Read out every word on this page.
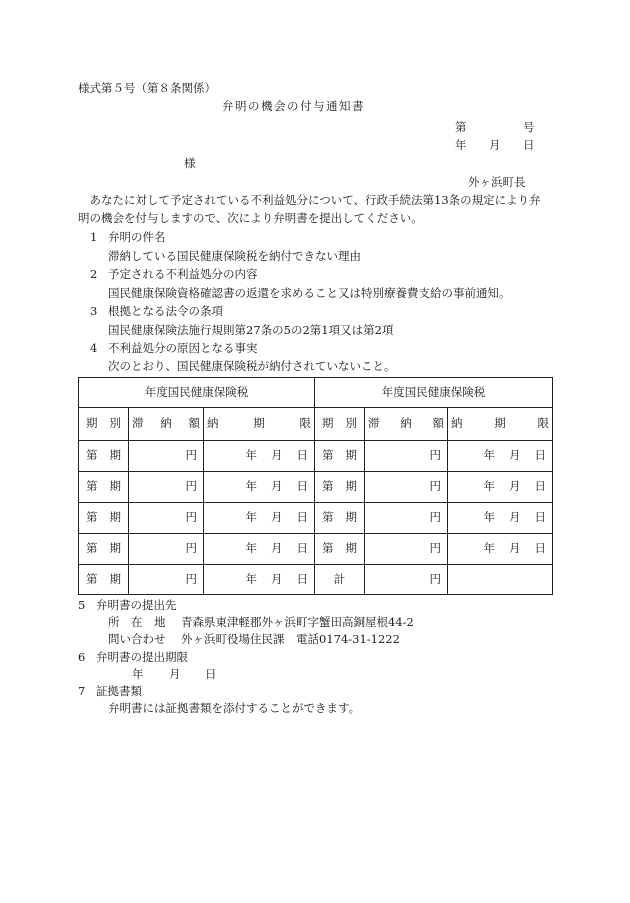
様式第５号（第８条関係）
弁明の機会の付与通知書
第	号
年 月 日
様
外ヶ浜町長
　あなたに対して予定されている不利益処分について、行政手続法第13条の規定により弁
明の機会を付与しますので、次により弁明書を提出してください。
1 弁明の件名
滞納している国民健康保険税を納付できない理由
2 予定される不利益処分の内容
国民健康保険資格確認書の返還を求めること又は特別療養費支給の事前通知。
3 根拠となる法令の条項
国民健康保険法施行規則第27条の5の2第1項又は第2項
4 不利益処分の原因となる事実
次のとおり、国民健康保険税が納付されていないこと。
年度国民健康保険税			年度国民健康保険税		

期 別	滞 納 額	納 期 限	期 別	滞 納 額	納 期 限

第 期	円	年 月 日	第 期	円	年 月 日

第 期	円	年 月 日	第 期	円	年 月 日

第 期	円	年 月 日	第 期	円	年 月 日

第 期	円	年 月 日	第 期	円	年 月 日

第 期	円	年 月 日	計	円	
5 弁明書の提出先
所　在　地 青森県東津軽郡外ヶ浜町字蟹田高銅屋根44-2
問い合わせ 外ヶ浜町役場住民課　電話0174-31-1222
6 弁明書の提出期限
年 月 日
7 証拠書類
弁明書には証拠書類を添付することができます。
